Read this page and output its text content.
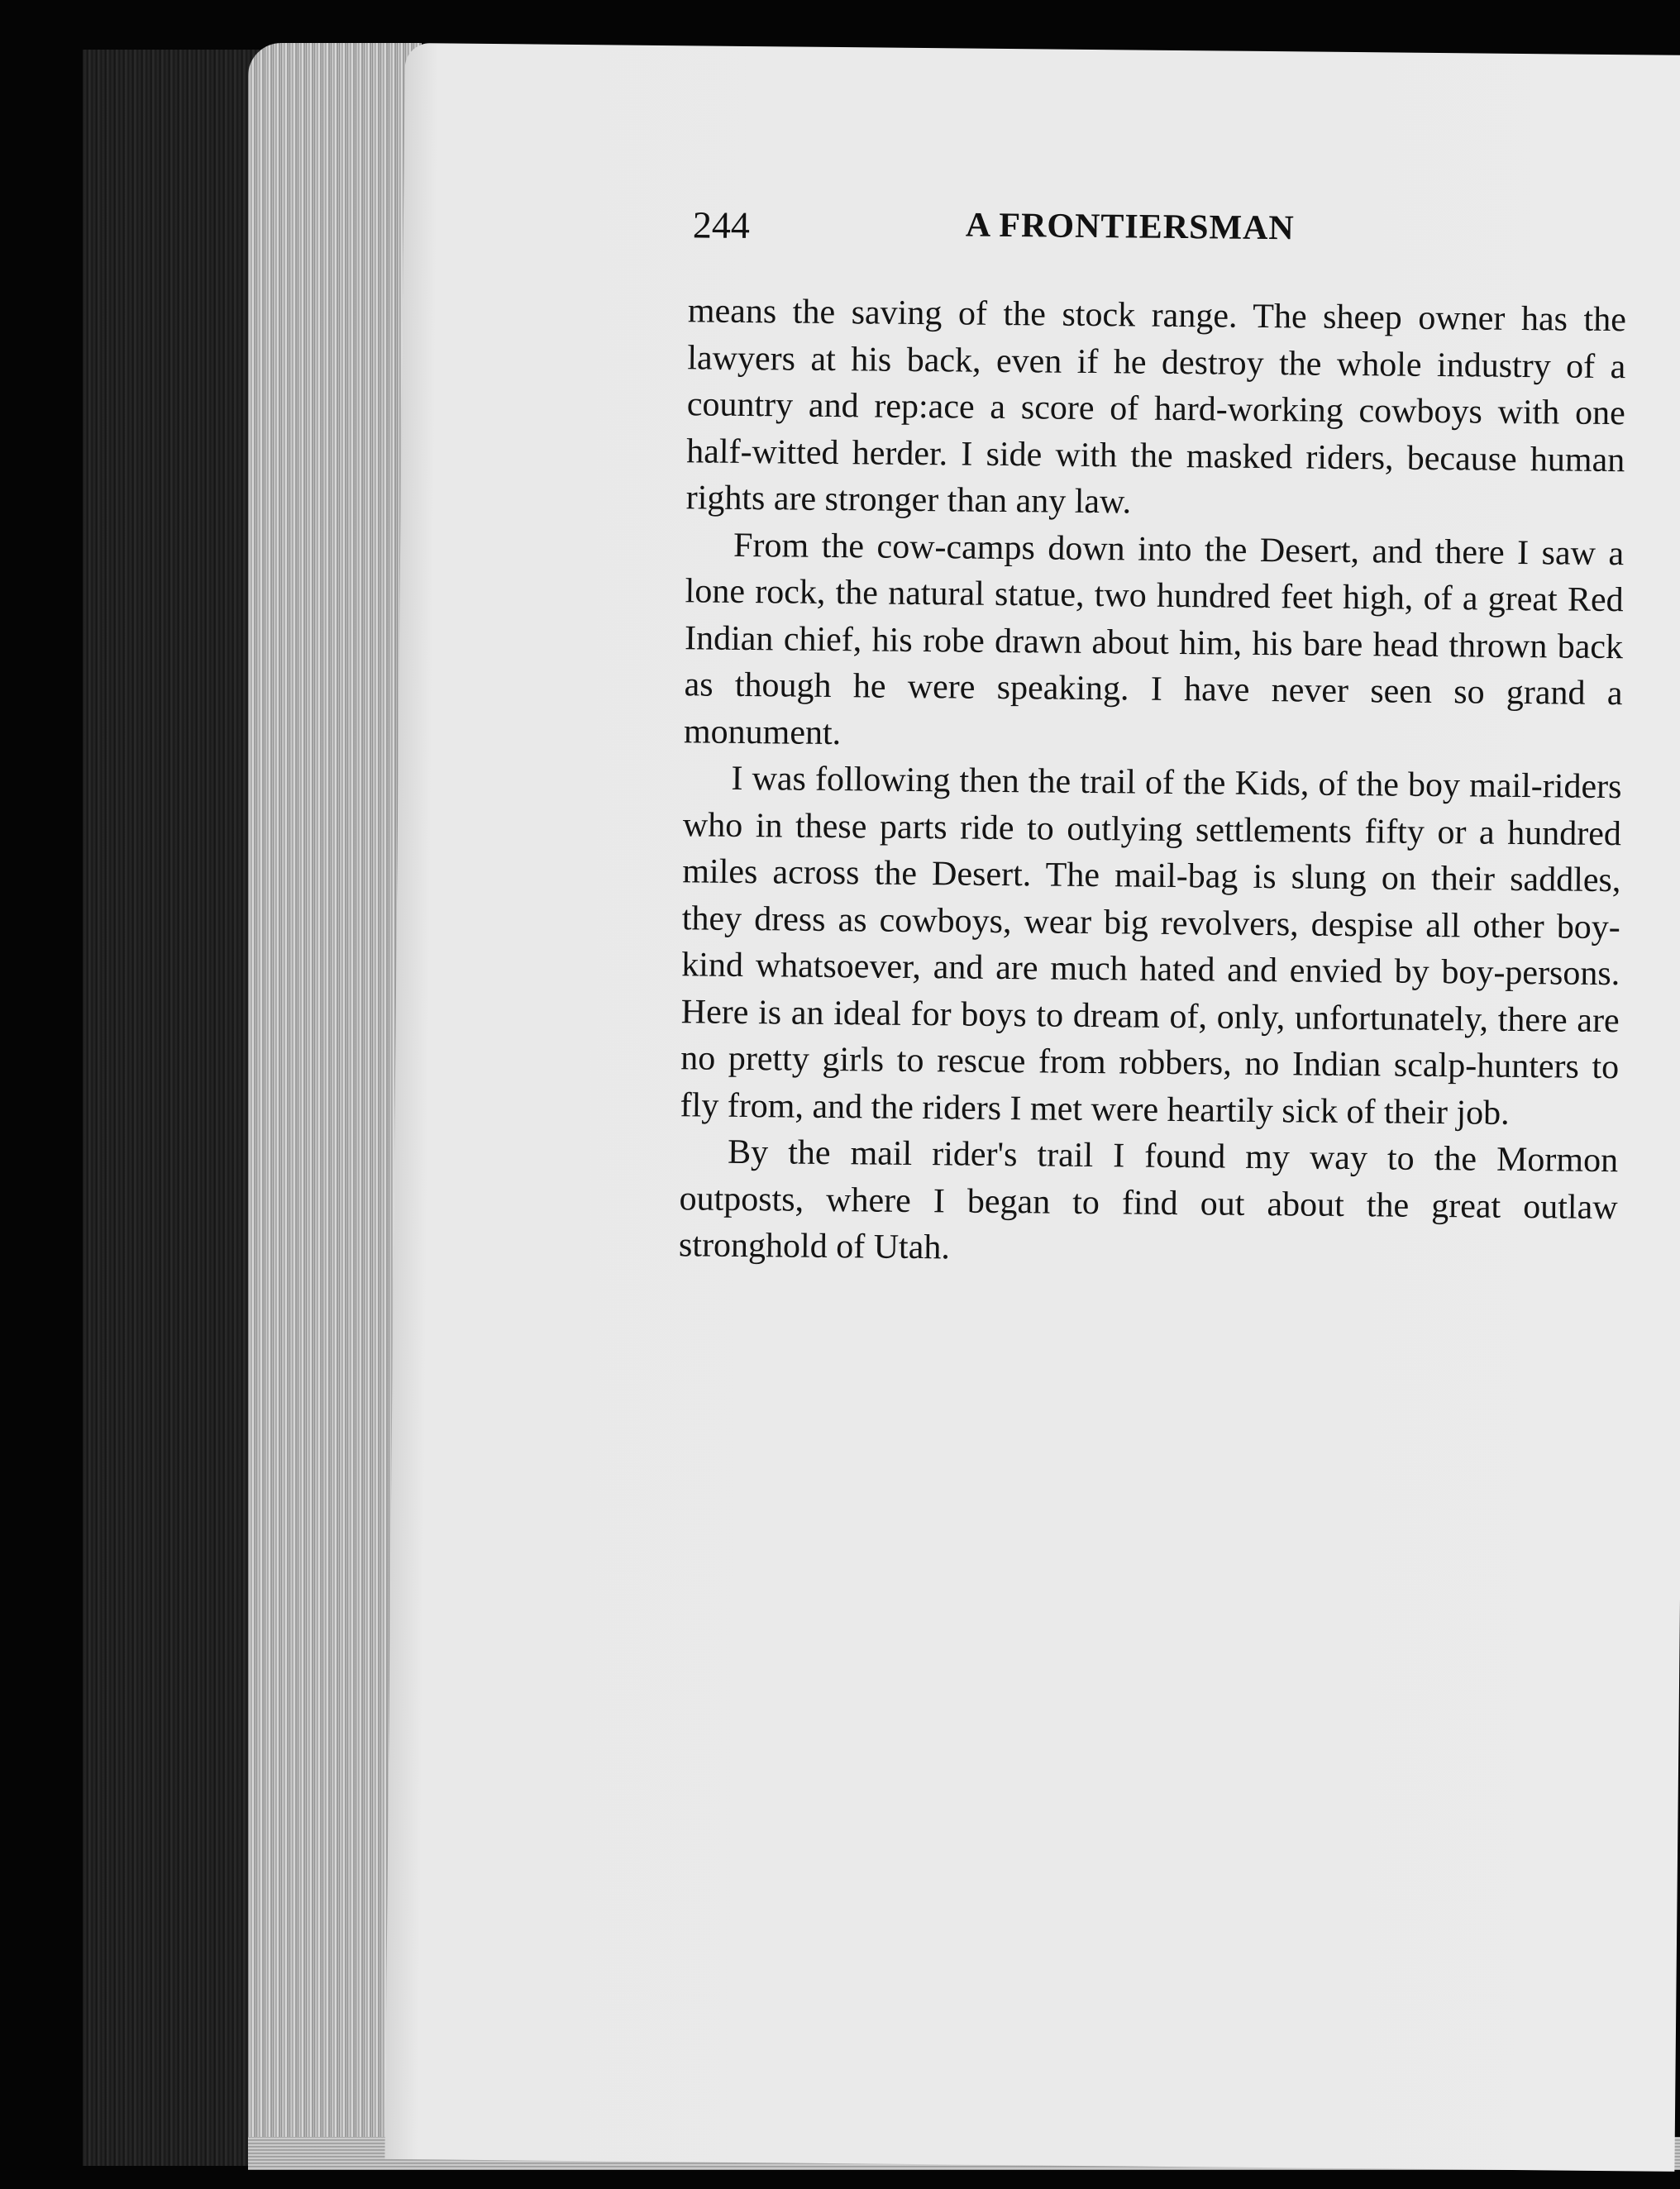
244	A FRONTIERSMAN

means the saving of the stock range. The sheep owner has the lawyers at his back, even if he destroy the whole industry of a country and rep:ace a score of hard-working cowboys with one half-witted herder. I side with the masked riders, because human rights are stronger than any law.

From the cow-camps down into the Desert, and there I saw a lone rock, the natural statue, two hundred feet high, of a great Red Indian chief, his robe drawn about him, his bare head thrown back as though he were speaking. I have never seen so grand a monument.

I was following then the trail of the Kids, of the boy mail-riders who in these parts ride to outlying settlements fifty or a hundred miles across the Desert. The mail-bag is slung on their saddles, they dress as cowboys, wear big revolvers, despise all other boy-kind whatsoever, and are much hated and envied by boy-persons. Here is an ideal for boys to dream of, only, unfortunately, there are no pretty girls to rescue from robbers, no Indian scalp-hunters to fly from, and the riders I met were heartily sick of their job.

By the mail rider's trail I found my way to the Mormon outposts, where I began to find out about the great outlaw stronghold of Utah.
